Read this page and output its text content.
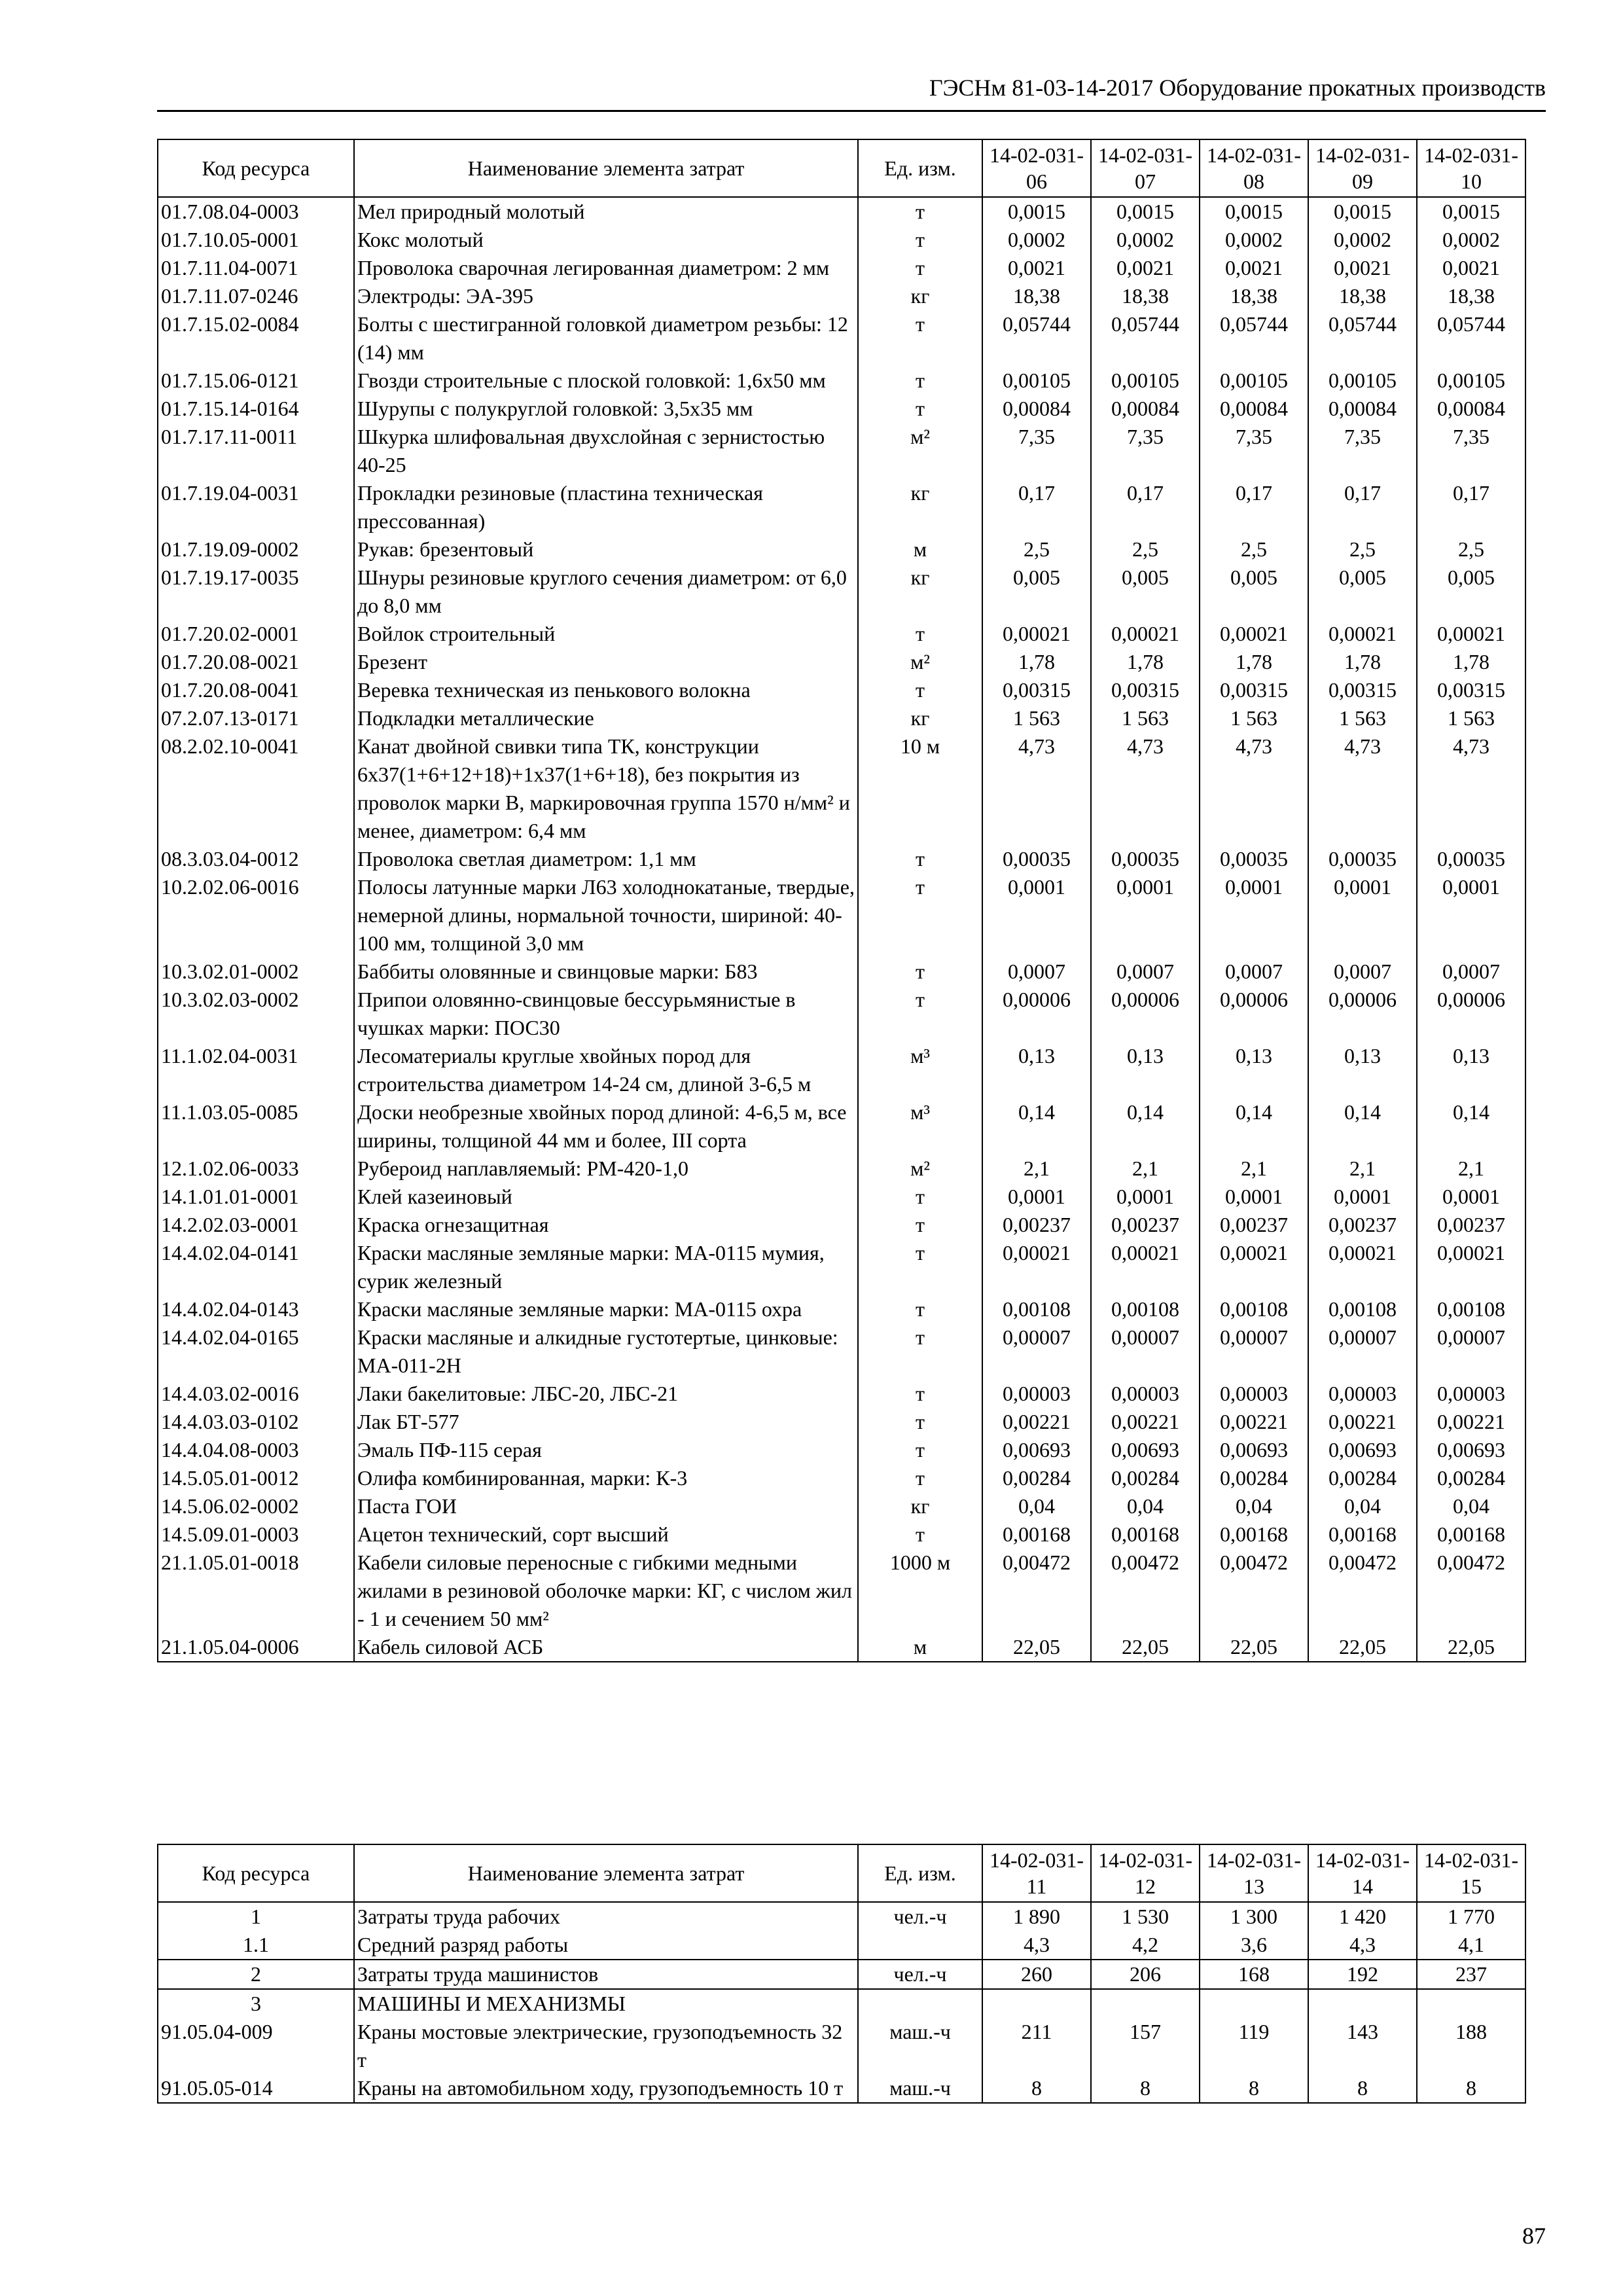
ГЭСНм 81-03-14-2017 Оборудование прокатных производств
Код ресурса	Наименование элемента затрат	Ед. изм.	14-02-031-06	14-02-031-07	14-02-031-08	14-02-031-09	14-02-031-10
01.7.08.04-0003	Мел природный молотый	т	0,0015	0,0015	0,0015	0,0015	0,0015
01.7.10.05-0001	Кокс молотый	т	0,0002	0,0002	0,0002	0,0002	0,0002
01.7.11.04-0071	Проволока сварочная легированная диаметром: 2 мм	т	0,0021	0,0021	0,0021	0,0021	0,0021
01.7.11.07-0246	Электроды: ЭА-395	кг	18,38	18,38	18,38	18,38	18,38
01.7.15.02-0084	Болты с шестигранной головкой диаметром резьбы: 12 (14) мм	т	0,05744	0,05744	0,05744	0,05744	0,05744
01.7.15.06-0121	Гвозди строительные с плоской головкой: 1,6х50 мм	т	0,00105	0,00105	0,00105	0,00105	0,00105
01.7.15.14-0164	Шурупы с полукруглой головкой: 3,5х35 мм	т	0,00084	0,00084	0,00084	0,00084	0,00084
01.7.17.11-0011	Шкурка шлифовальная двухслойная с зернистостью 40-25	м²	7,35	7,35	7,35	7,35	7,35
01.7.19.04-0031	Прокладки резиновые (пластина техническая прессованная)	кг	0,17	0,17	0,17	0,17	0,17
01.7.19.09-0002	Рукав: брезентовый	м	2,5	2,5	2,5	2,5	2,5
01.7.19.17-0035	Шнуры резиновые круглого сечения диаметром: от 6,0 до 8,0 мм	кг	0,005	0,005	0,005	0,005	0,005
01.7.20.02-0001	Войлок строительный	т	0,00021	0,00021	0,00021	0,00021	0,00021
01.7.20.08-0021	Брезент	м²	1,78	1,78	1,78	1,78	1,78
01.7.20.08-0041	Веревка техническая из пенькового волокна	т	0,00315	0,00315	0,00315	0,00315	0,00315
07.2.07.13-0171	Подкладки металлические	кг	1 563	1 563	1 563	1 563	1 563
08.2.02.10-0041	Канат двойной свивки типа ТК, конструкции 6х37(1+6+12+18)+1х37(1+6+18), без покрытия из проволок марки В, маркировочная группа 1570 н/мм² и менее, диаметром: 6,4 мм	10 м	4,73	4,73	4,73	4,73	4,73
08.3.03.04-0012	Проволока светлая диаметром: 1,1 мм	т	0,00035	0,00035	0,00035	0,00035	0,00035
10.2.02.06-0016	Полосы латунные марки Л63 холоднокатаные, твердые, немерной длины, нормальной точности, шириной: 40-100 мм, толщиной 3,0 мм	т	0,0001	0,0001	0,0001	0,0001	0,0001
10.3.02.01-0002	Баббиты оловянные и свинцовые марки: Б83	т	0,0007	0,0007	0,0007	0,0007	0,0007
10.3.02.03-0002	Припои оловянно-свинцовые бессурьмянистые в чушках марки: ПОС30	т	0,00006	0,00006	0,00006	0,00006	0,00006
11.1.02.04-0031	Лесоматериалы круглые хвойных пород для строительства диаметром 14-24 см, длиной 3-6,5 м	м³	0,13	0,13	0,13	0,13	0,13
11.1.03.05-0085	Доски необрезные хвойных пород длиной: 4-6,5 м, все ширины, толщиной 44 мм и более, III сорта	м³	0,14	0,14	0,14	0,14	0,14
12.1.02.06-0033	Рубероид наплавляемый: РМ-420-1,0	м²	2,1	2,1	2,1	2,1	2,1
14.1.01.01-0001	Клей казеиновый	т	0,0001	0,0001	0,0001	0,0001	0,0001
14.2.02.03-0001	Краска огнезащитная	т	0,00237	0,00237	0,00237	0,00237	0,00237
14.4.02.04-0141	Краски масляные земляные марки: МА-0115 мумия, сурик железный	т	0,00021	0,00021	0,00021	0,00021	0,00021
14.4.02.04-0143	Краски масляные земляные марки: МА-0115 охра	т	0,00108	0,00108	0,00108	0,00108	0,00108
14.4.02.04-0165	Краски масляные и алкидные густотертые, цинковые: МА-011-2Н	т	0,00007	0,00007	0,00007	0,00007	0,00007
14.4.03.02-0016	Лаки бакелитовые: ЛБС-20, ЛБС-21	т	0,00003	0,00003	0,00003	0,00003	0,00003
14.4.03.03-0102	Лак БТ-577	т	0,00221	0,00221	0,00221	0,00221	0,00221
14.4.04.08-0003	Эмаль ПФ-115 серая	т	0,00693	0,00693	0,00693	0,00693	0,00693
14.5.05.01-0012	Олифа комбинированная, марки: К-3	т	0,00284	0,00284	0,00284	0,00284	0,00284
14.5.06.02-0002	Паста ГОИ	кг	0,04	0,04	0,04	0,04	0,04
14.5.09.01-0003	Ацетон технический, сорт высший	т	0,00168	0,00168	0,00168	0,00168	0,00168
21.1.05.01-0018	Кабели силовые переносные с гибкими медными жилами в резиновой оболочке марки: КГ, с числом жил - 1 и сечением 50 мм²	1000 м	0,00472	0,00472	0,00472	0,00472	0,00472
21.1.05.04-0006	Кабель силовой АСБ	м	22,05	22,05	22,05	22,05	22,05
Код ресурса	Наименование элемента затрат	Ед. изм.	14-02-031-11	14-02-031-12	14-02-031-13	14-02-031-14	14-02-031-15
1	Затраты труда рабочих	чел.-ч	1 890	1 530	1 300	1 420	1 770
1.1	Средний разряд работы		4,3	4,2	3,6	4,3	4,1
2	Затраты труда машинистов	чел.-ч	260	206	168	192	237
3	МАШИНЫ И МЕХАНИЗМЫ						
91.05.04-009	Краны мостовые электрические, грузоподъемность 32 т	маш.-ч	211	157	119	143	188
91.05.05-014	Краны на автомобильном ходу, грузоподъемность 10 т	маш.-ч	8	8	8	8	8
87
